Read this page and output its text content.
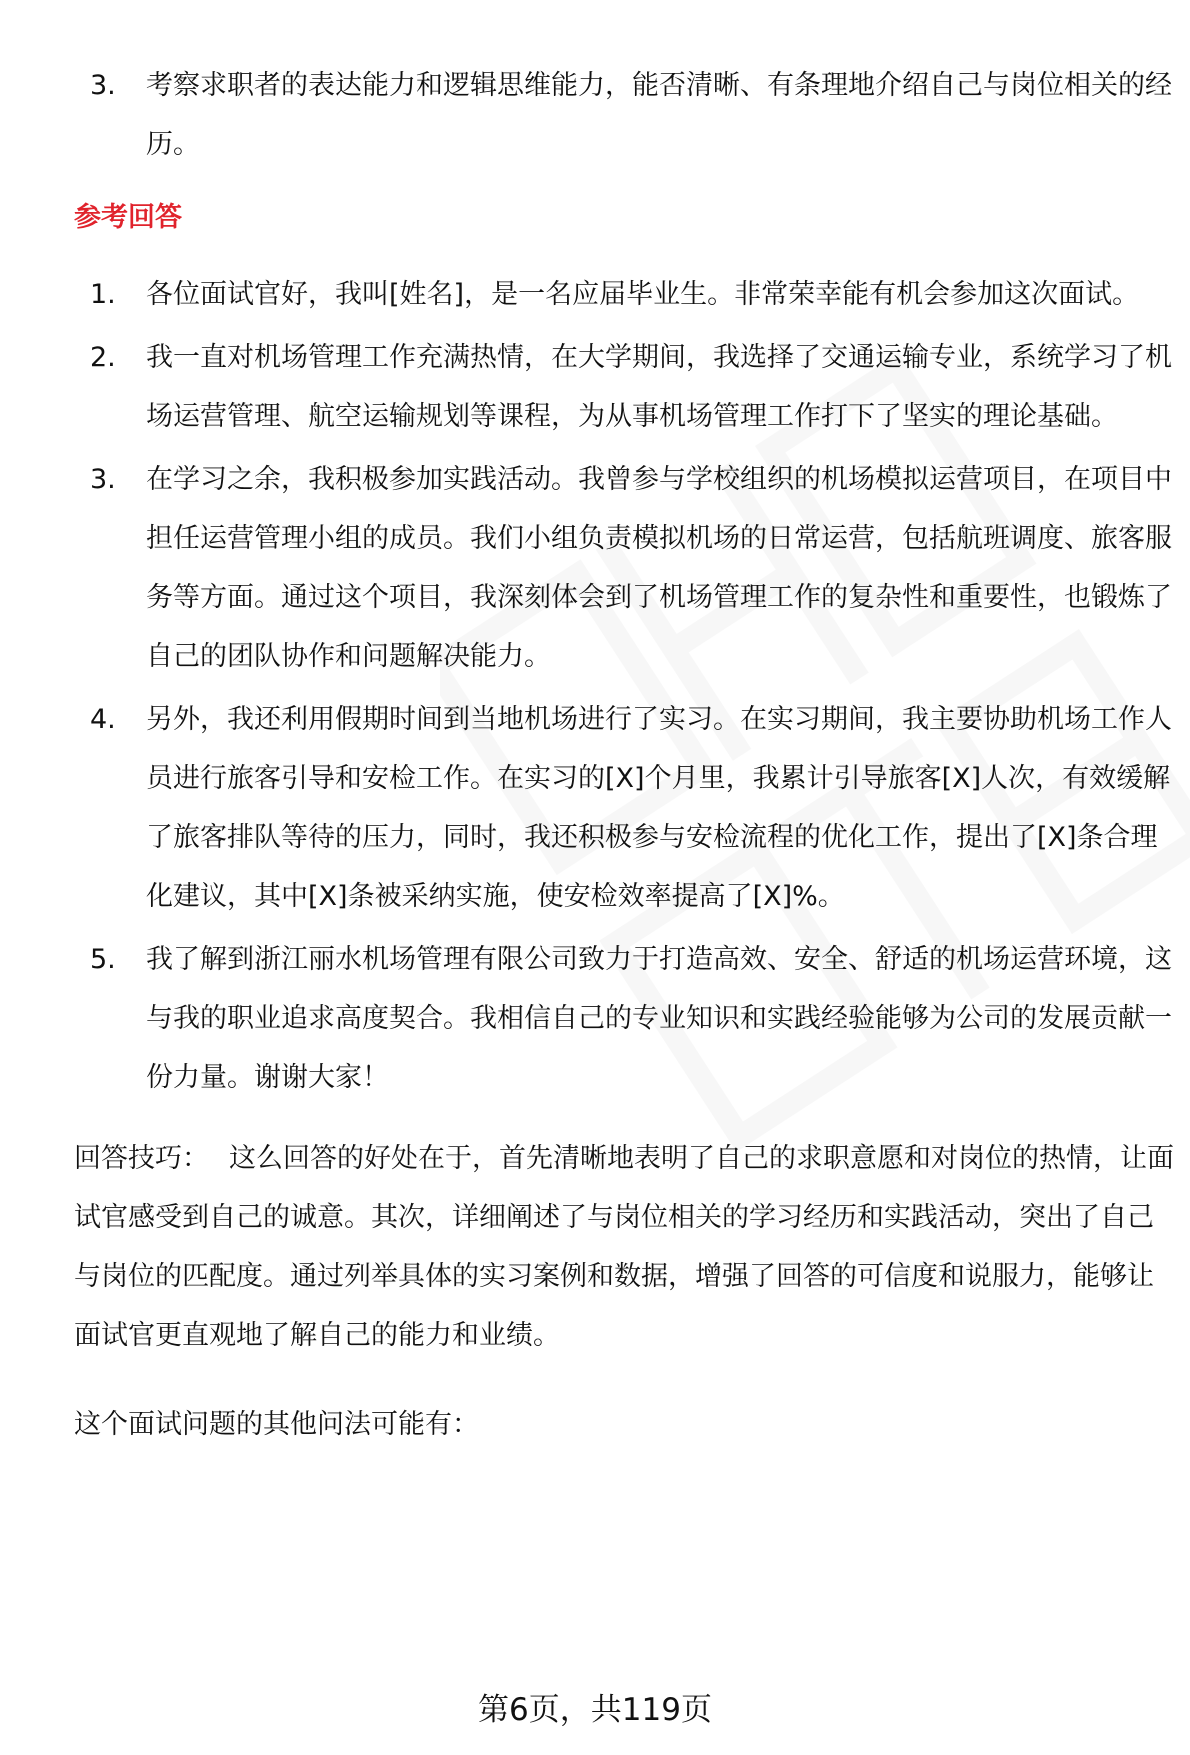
3.	考察求职者的表达能力和逻辑思维能力，能否清晰、有条理地介绍自己与岗位相关的经历。
参考回答
1.	各位面试官好，我叫[姓名]，是一名应届毕业生。非常荣幸能有机会参加这次面试。
2.	我一直对机场管理工作充满热情，在大学期间，我选择了交通运输专业，系统学习了机场运营管理、航空运输规划等课程，为从事机场管理工作打下了坚实的理论基础。
3.	在学习之余，我积极参加实践活动。我曾参与学校组织的机场模拟运营项目，在项目中担任运营管理小组的成员。我们小组负责模拟机场的日常运营，包括航班调度、旅客服务等方面。通过这个项目，我深刻体会到了机场管理工作的复杂性和重要性，也锻炼了自己的团队协作和问题解决能力。
4.	另外，我还利用假期时间到当地机场进行了实习。在实习期间，我主要协助机场工作人员进行旅客引导和安检工作。在实习的[X]个月里，我累计引导旅客[X]人次，有效缓解了旅客排队等待的压力，同时，我还积极参与安检流程的优化工作，提出了[X]条合理化建议，其中[X]条被采纳实施，使安检效率提高了[X]%。
5.	我了解到浙江丽水机场管理有限公司致力于打造高效、安全、舒适的机场运营环境，这与我的职业追求高度契合。我相信自己的专业知识和实践经验能够为公司的发展贡献一份力量。谢谢大家！
回答技巧： 这么回答的好处在于，首先清晰地表明了自己的求职意愿和对岗位的热情，让面试官感受到自己的诚意。其次，详细阐述了与岗位相关的学习经历和实践活动，突出了自己与岗位的匹配度。通过列举具体的实习案例和数据，增强了回答的可信度和说服力，能够让面试官更直观地了解自己的能力和业绩。
这个面试问题的其他问法可能有：
第6页，共119页
